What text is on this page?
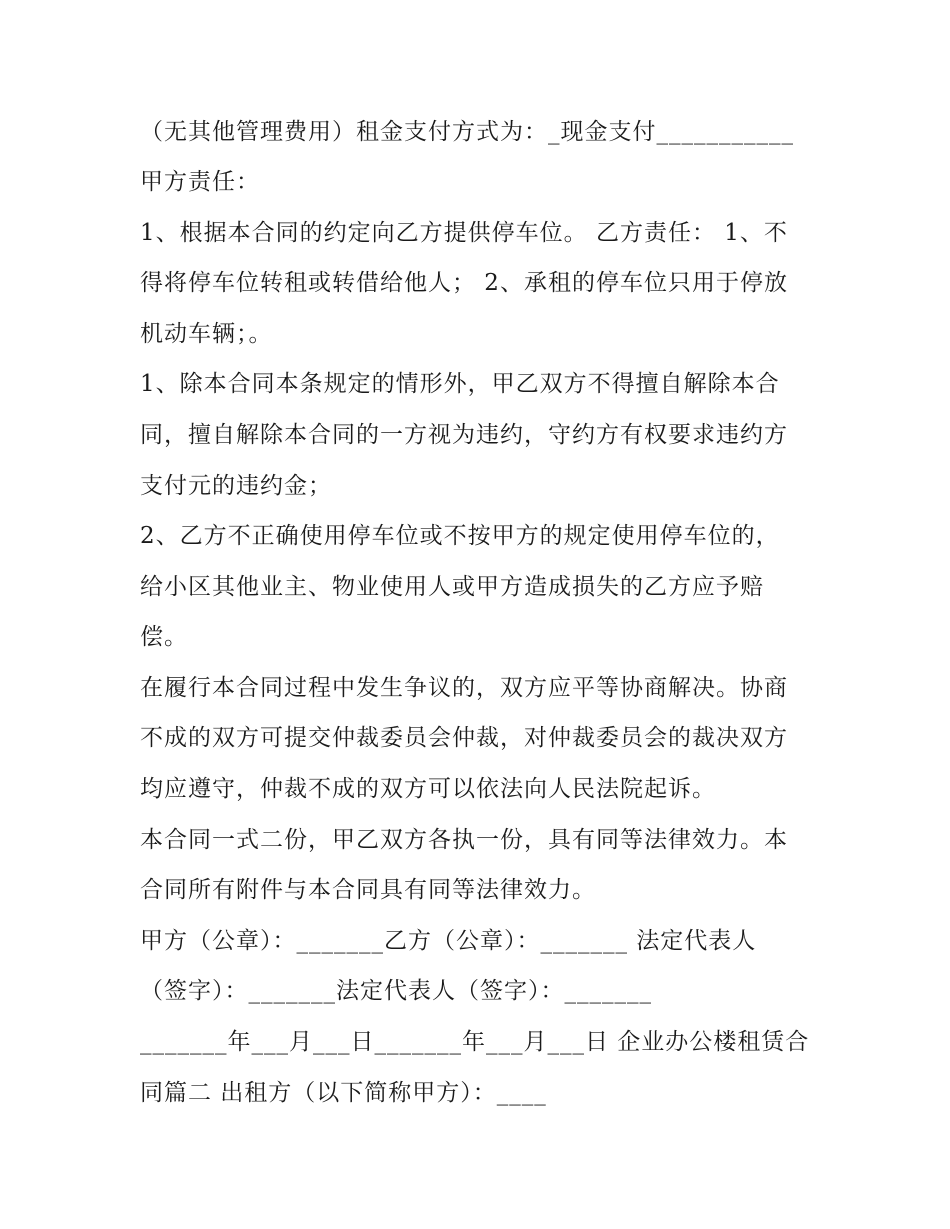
（无其他管理费用）租金支付方式为：_现金支付___________
甲方责任：
1、根据本合同的约定向乙方提供停车位。 乙方责任： 1、不
得将停车位转租或转借给他人； 2、承租的停车位只用于停放
机动车辆；。
1、除本合同本条规定的情形外，甲乙双方不得擅自解除本合
同，擅自解除本合同的一方视为违约，守约方有权要求违约方
支付元的违约金；
2、乙方不正确使用停车位或不按甲方的规定使用停车位的，
给小区其他业主、物业使用人或甲方造成损失的乙方应予赔
偿。
在履行本合同过程中发生争议的，双方应平等协商解决。协商
不成的双方可提交仲裁委员会仲裁，对仲裁委员会的裁决双方
均应遵守，仲裁不成的双方可以依法向人民法院起诉。
本合同一式二份，甲乙双方各执一份，具有同等法律效力。本
合同所有附件与本合同具有同等法律效力。
甲方（公章）：_______乙方（公章）：_______ 法定代表人
（签字）：_______法定代表人（签字）：_______
_______年___月___日_______年___月___日 企业办公楼租赁合
同篇二 出租方（以下简称甲方）：____
